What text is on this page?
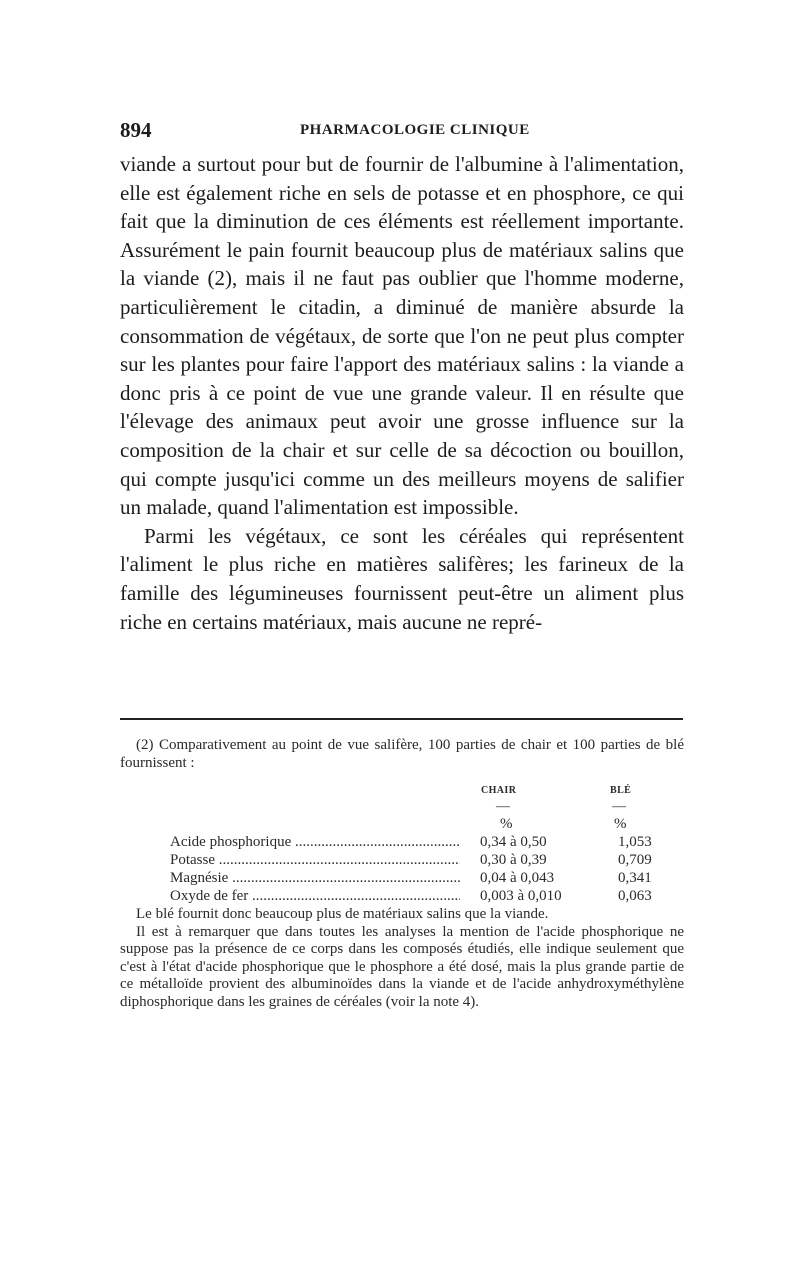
894	PHARMACOLOGIE CLINIQUE

viande a surtout pour but de fournir de l'albumine à l'alimentation, elle est également riche en sels de potasse et en phosphore, ce qui fait que la diminution de ces éléments est réellement importante. Assurément le pain fournit beaucoup plus de matériaux salins que la viande (2), mais il ne faut pas oublier que l'homme moderne, particulièrement le citadin, a diminué de manière absurde la consommation de végétaux, de sorte que l'on ne peut plus compter sur les plantes pour faire l'apport des matériaux salins : la viande a donc pris à ce point de vue une grande valeur. Il en résulte que l'élevage des animaux peut avoir une grosse influence sur la composition de la chair et sur celle de sa décoction ou bouillon, qui compte jusqu'ici comme un des meilleurs moyens de salifier un malade, quand l'alimentation est impossible.

Parmi les végétaux, ce sont les céréales qui représentent l'aliment le plus riche en matières salifères; les farineux de la famille des légumineuses fournissent peut-être un aliment plus riche en certains matériaux, mais aucune ne repré-

(2) Comparativement au point de vue salifère, 100 parties de chair et 100 parties de blé fournissent :

CHAIR	BLÉ
—	—
%	%
Acide phosphorique .....	0,34 à 0,50	1,053
Potasse .....	0,30 à 0,39	0,709
Magnésie .....	0,04 à 0,043	0,341
Oxyde de fer .....	0,003 à 0,010	0,063

Le blé fournit donc beaucoup plus de matériaux salins que la viande.

Il est à remarquer que dans toutes les analyses la mention de l'acide phosphorique ne suppose pas la présence de ce corps dans les composés étudiés, elle indique seulement que c'est à l'état d'acide phosphorique que le phosphore a été dosé, mais la plus grande partie de ce métalloïde provient des albuminoïdes dans la viande et de l'acide anhydroxyméthylène diphosphorique dans les graines de céréales (voir la note 4).
